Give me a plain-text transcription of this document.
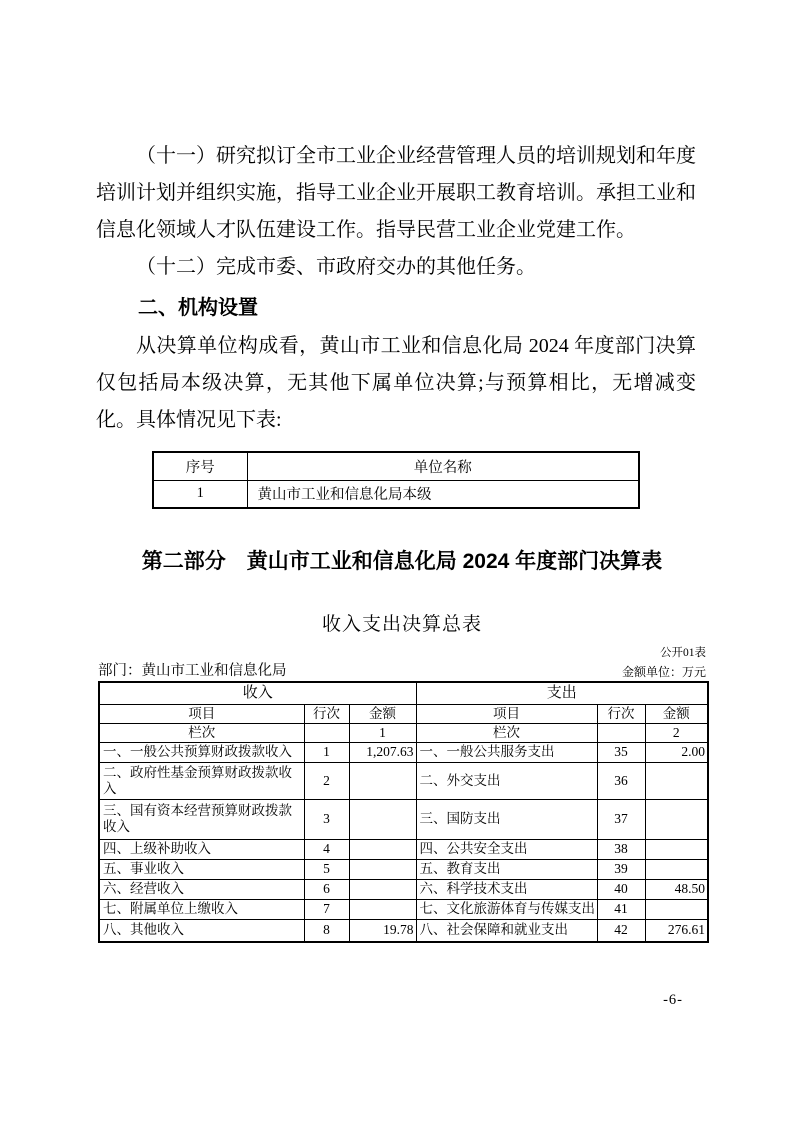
（十一）研究拟订全市工业企业经营管理人员的培训规划和年度培训计划并组织实施，指导工业企业开展职工教育培训。承担工业和信息化领域人才队伍建设工作。指导民营工业企业党建工作。

（十二）完成市委、市政府交办的其他任务。

二、机构设置

从决算单位构成看，黄山市工业和信息化局 2024 年度部门决算仅包括局本级决算，无其他下属单位决算;与预算相比，无增减变化。具体情况见下表:

序号	单位名称
1	黄山市工业和信息化局本级
第二部分　黄山市工业和信息化局 2024 年度部门决算表
收入支出决算总表
公开01表
部门：黄山市工业和信息化局	金额单位：万元
收入			支出		
项目	行次	金额	项目	行次	金额
栏次		1	栏次		2
一、一般公共预算财政拨款收入	1	1,207.63	一、一般公共服务支出	35	2.00
二、政府性基金预算财政拨款收入	2		二、外交支出	36	
三、国有资本经营预算财政拨款收入	3		三、国防支出	37	
四、上级补助收入	4		四、公共安全支出	38	
五、事业收入	5		五、教育支出	39	
六、经营收入	6		六、科学技术支出	40	48.50
七、附属单位上缴收入	7		七、文化旅游体育与传媒支出	41	
八、其他收入	8	19.78	八、社会保障和就业支出	42	276.61
-6-
